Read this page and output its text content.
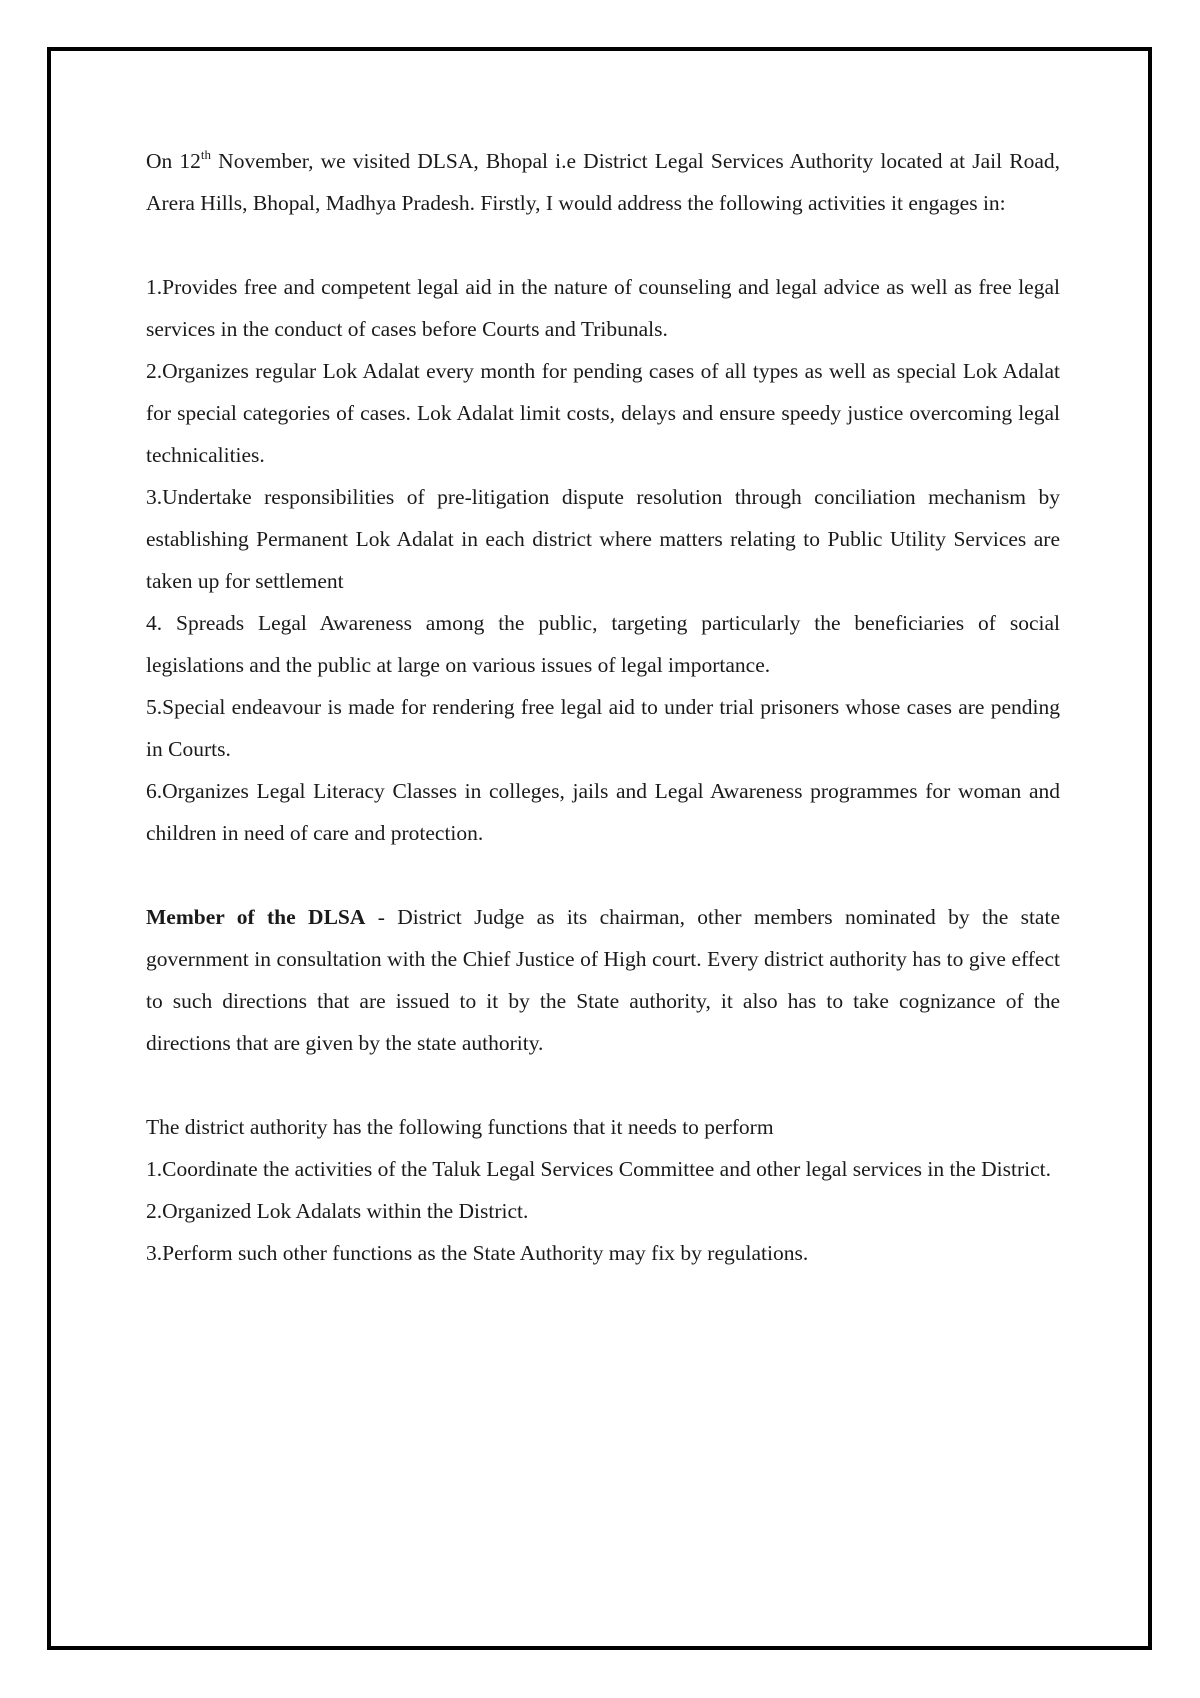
On 12th November, we visited DLSA, Bhopal i.e District Legal Services Authority located at Jail Road, Arera Hills, Bhopal, Madhya Pradesh. Firstly, I would address the following activities it engages in:

1.Provides free and competent legal aid in the nature of counseling and legal advice as well as free legal services in the conduct of cases before Courts and Tribunals.

2.Organizes regular Lok Adalat every month for pending cases of all types as well as special Lok Adalat for special categories of cases. Lok Adalat limit costs, delays and ensure speedy justice overcoming legal technicalities.

3.Undertake responsibilities of pre-litigation dispute resolution through conciliation mechanism by establishing Permanent Lok Adalat in each district where matters relating to Public Utility Services are taken up for settlement

4. Spreads Legal Awareness among the public, targeting particularly the beneficiaries of social legislations and the public at large on various issues of legal importance.

5.Special endeavour is made for rendering free legal aid to under trial prisoners whose cases are pending in Courts.

6.Organizes Legal Literacy Classes in colleges, jails and Legal Awareness programmes for woman and children in need of care and protection.

Member of the DLSA - District Judge as its chairman, other members nominated by the state government in consultation with the Chief Justice of High court. Every district authority has to give effect to such directions that are issued to it by the State authority, it also has to take cognizance of the directions that are given by the state authority.

The district authority has the following functions that it needs to perform

1.Coordinate the activities of the Taluk Legal Services Committee and other legal services in the District.

2.Organized Lok Adalats within the District.

3.Perform such other functions as the State Authority may fix by regulations.
